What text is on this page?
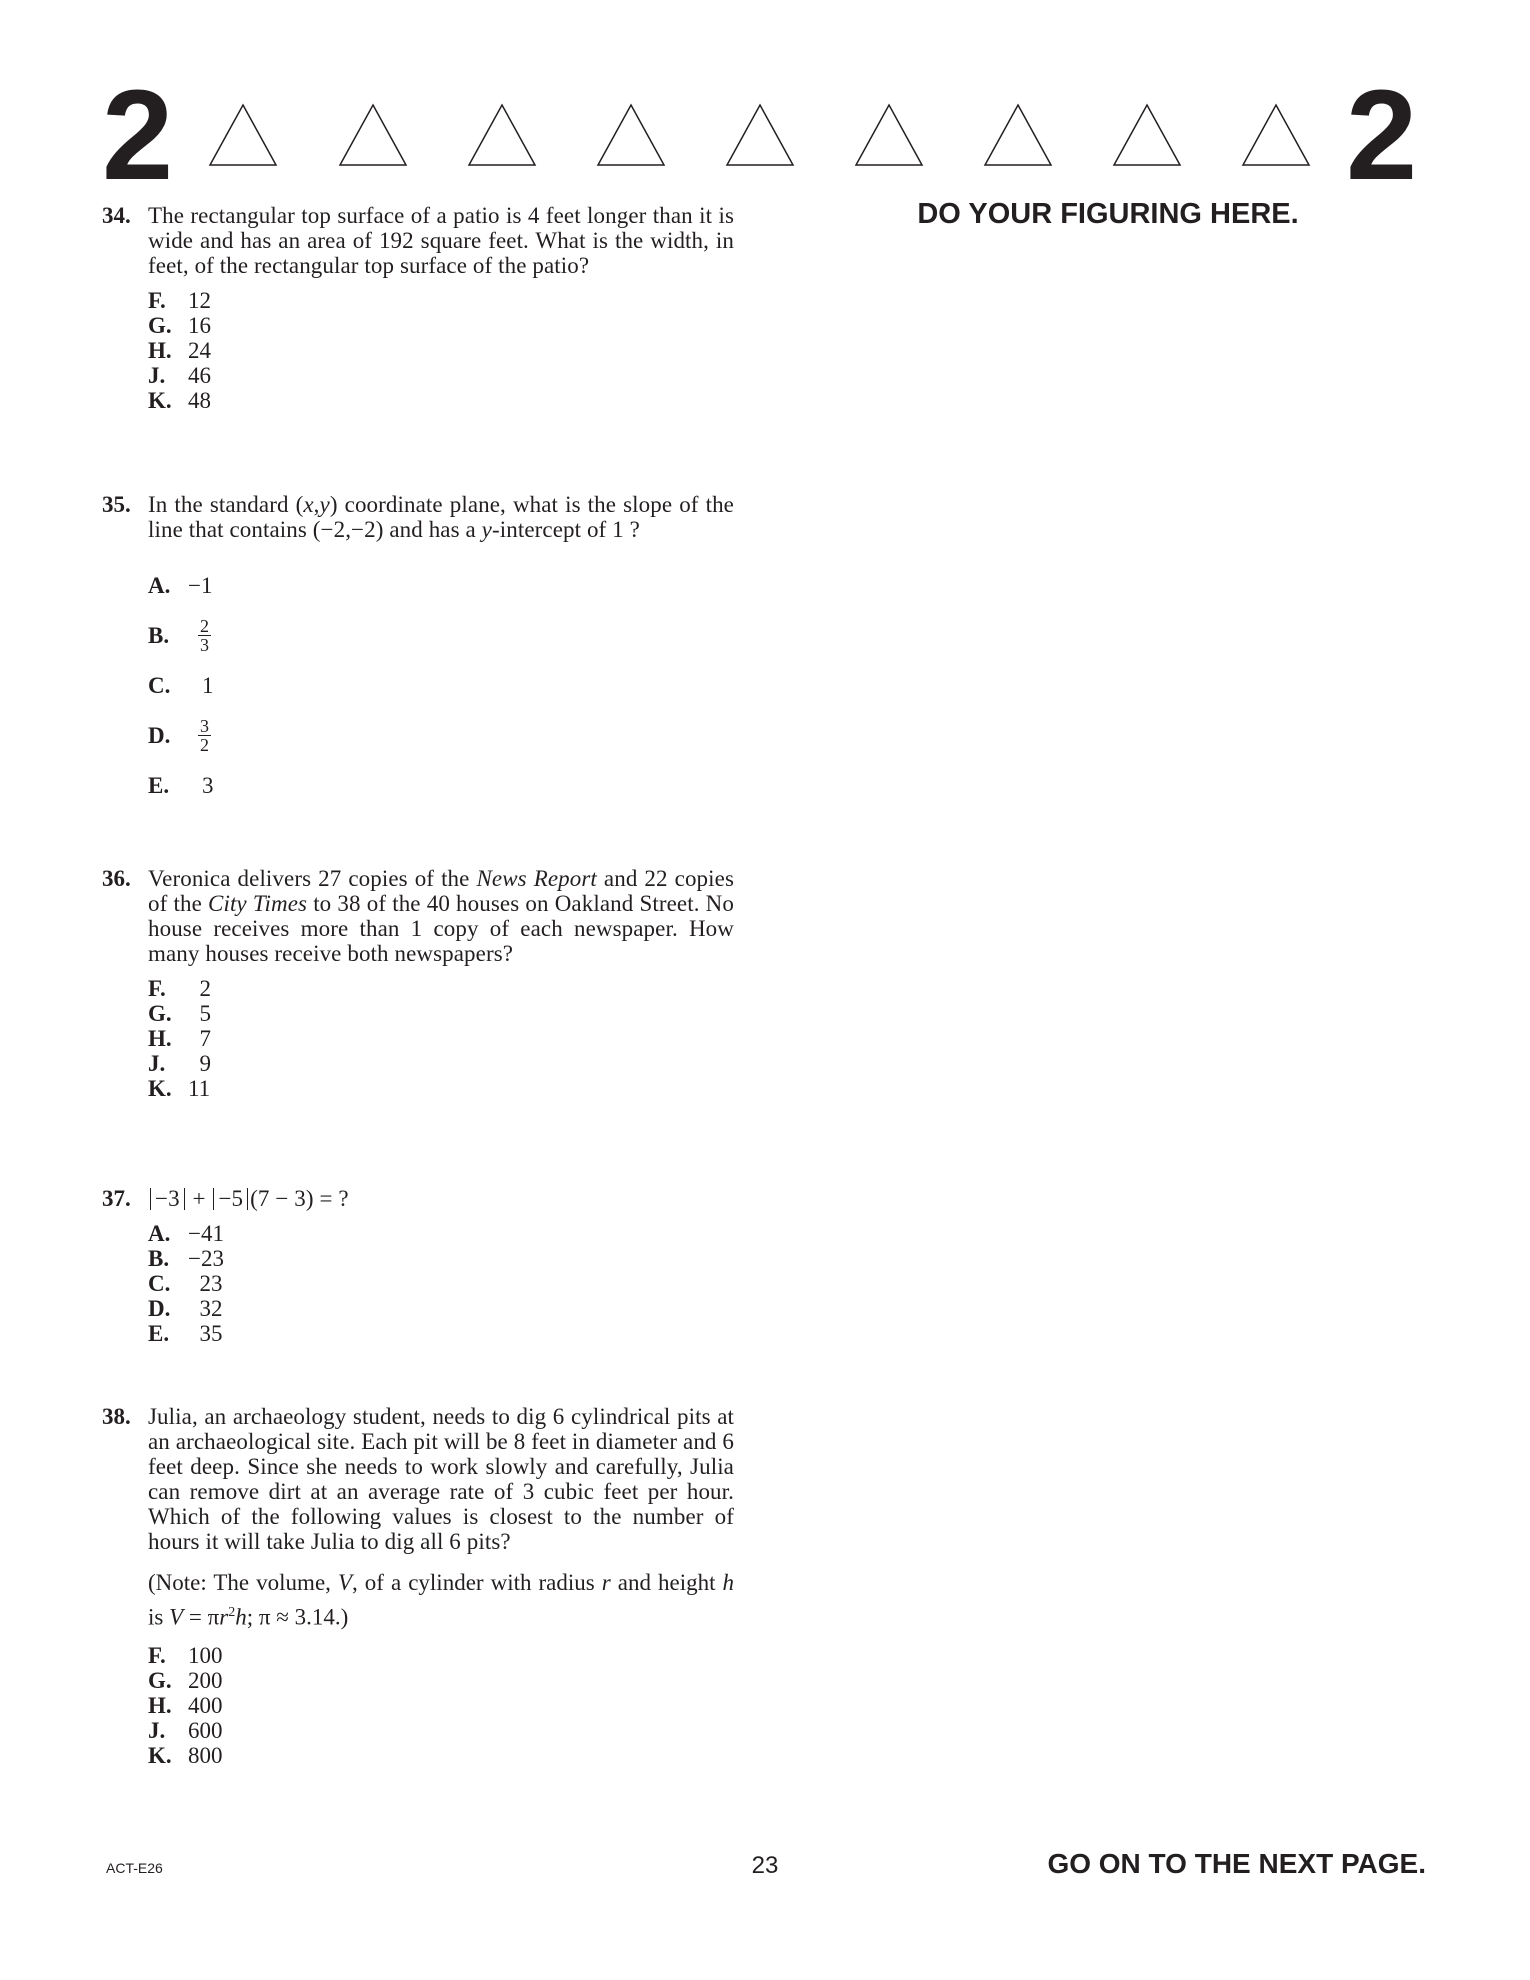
2	2
DO YOUR FIGURING HERE.
34. The rectangular top surface of a patio is 4 feet longer than it is wide and has an area of 192 square feet. What is the width, in feet, of the rectangular top surface of the patio?
F. 12
G. 16
H. 24
J. 46
K. 48
35. In the standard (x,y) coordinate plane, what is the slope of the line that contains (−2,−2) and has a y-intercept of 1 ?
A. −1
B.	$\frac{2}{3}$
C.	1
D.	$\frac{3}{2}$
E.	3
36. Veronica delivers 27 copies of the News Report and 22 copies of the City Times to 38 of the 40 houses on Oakland Street. No house receives more than 1 copy of each newspaper. How many houses receive both newspapers?
F. 2
G. 5
H. 7
J. 9
K. 11
37.	−3 + −5 (7 − 3) = ?
A. −41
B. −23
C. 23
D. 32
E. 35
38. Julia, an archaeology student, needs to dig 6 cylindrical pits at an archaeological site. Each pit will be 8 feet in diameter and 6 feet deep. Since she needs to work slowly and carefully, Julia can remove dirt at an average rate of 3 cubic feet per hour. Which of the following values is closest to the number of hours it will take Julia to dig all 6 pits?
(Note: The volume, V, of a cylinder with radius r and height h is $V = \pi r^2h$; π ≈ 3.14.)
F. 100
G. 200
H. 400
J. 600
K. 800
ACT-E26	23	GO ON TO THE NEXT PAGE.
